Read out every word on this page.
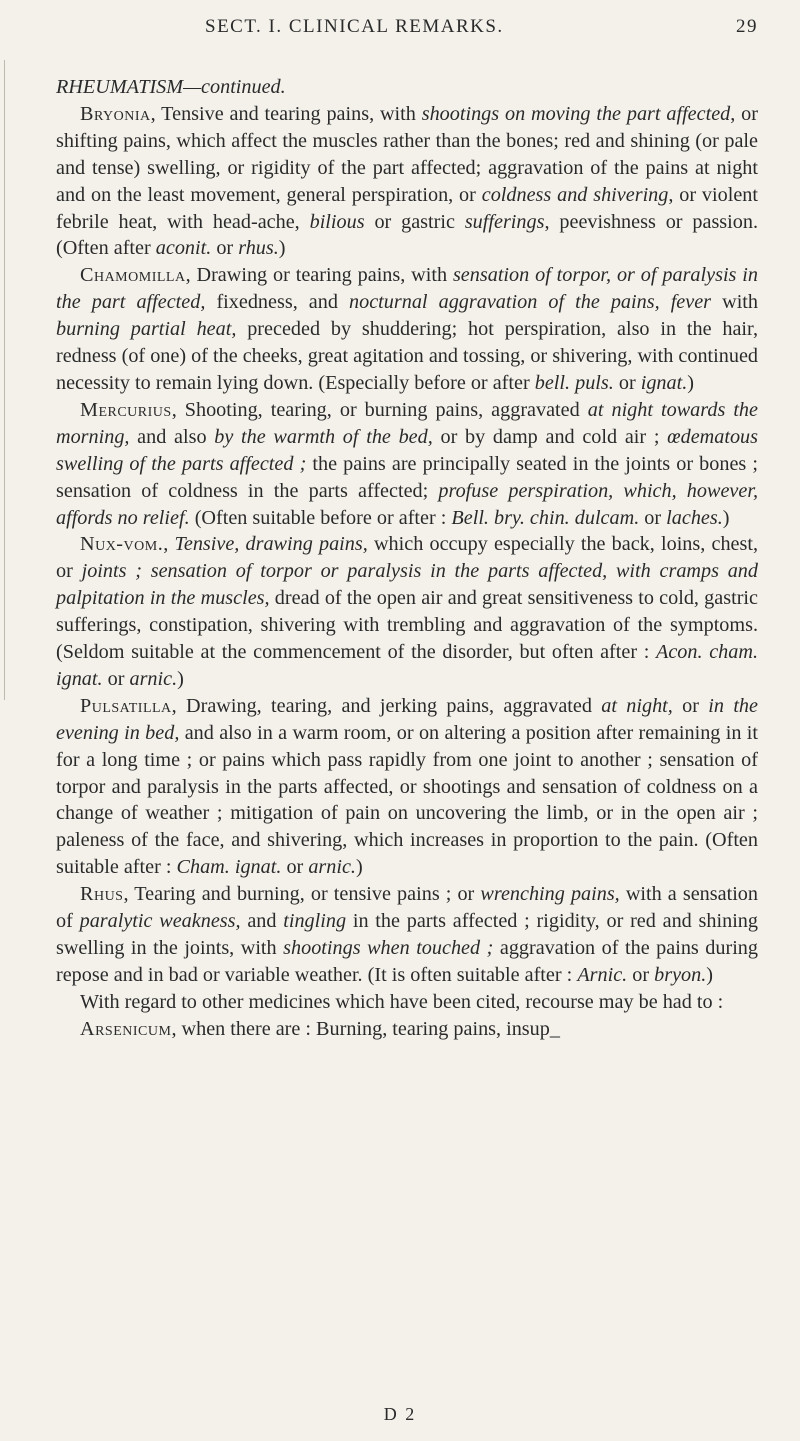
SECT. I. CLINICAL REMARKS.	29

RHEUMATISM—continued.

Bryonia, Tensive and tearing pains, with shootings on moving the part affected, or shifting pains, which affect the muscles rather than the bones; red and shining (or pale and tense) swelling, or rigidity of the part affected; aggravation of the pains at night and on the least movement, general perspiration, or coldness and shivering, or violent febrile heat, with head-ache, bilious or gastric sufferings, peevishness or passion. (Often after aconit. or rhus.)

Chamomilla, Drawing or tearing pains, with sensation of torpor, or of paralysis in the part affected, fixedness, and nocturnal aggravation of the pains, fever with burning partial heat, preceded by shuddering; hot perspiration, also in the hair, redness (of one) of the cheeks, great agitation and tossing, or shivering, with continued necessity to remain lying down. (Especially before or after bell. puls. or ignat.)

Mercurius, Shooting, tearing, or burning pains, aggravated at night towards the morning, and also by the warmth of the bed, or by damp and cold air ; œdematous swelling of the parts affected ; the pains are principally seated in the joints or bones ; sensation of coldness in the parts affected; profuse perspiration, which, however, affords no relief. (Often suitable before or after : Bell. bry. chin. dulcam. or laches.)

Nux-vom., Tensive, drawing pains, which occupy especially the back, loins, chest, or joints ; sensation of torpor or paralysis in the parts affected, with cramps and palpitation in the muscles, dread of the open air and great sensitiveness to cold, gastric sufferings, constipation, shivering with trembling and aggravation of the symptoms. (Seldom suitable at the commencement of the disorder, but often after : Acon. cham. ignat. or arnic.)

Pulsatilla, Drawing, tearing, and jerking pains, aggravated at night, or in the evening in bed, and also in a warm room, or on altering a position after remaining in it for a long time ; or pains which pass rapidly from one joint to another ; sensation of torpor and paralysis in the parts affected, or shootings and sensation of coldness on a change of weather ; mitigation of pain on uncovering the limb, or in the open air ; paleness of the face, and shivering, which increases in proportion to the pain. (Often suitable after : Cham. ignat. or arnic.)

Rhus, Tearing and burning, or tensive pains ; or wrenching pains, with a sensation of paralytic weakness, and tingling in the parts affected ; rigidity, or red and shining swelling in the joints, with shootings when touched ; aggravation of the pains during repose and in bad or variable weather. (It is often suitable after : Arnic. or bryon.)

With regard to other medicines which have been cited, recourse may be had to :

Arsenicum, when there are : Burning, tearing pains, insup_

D 2
